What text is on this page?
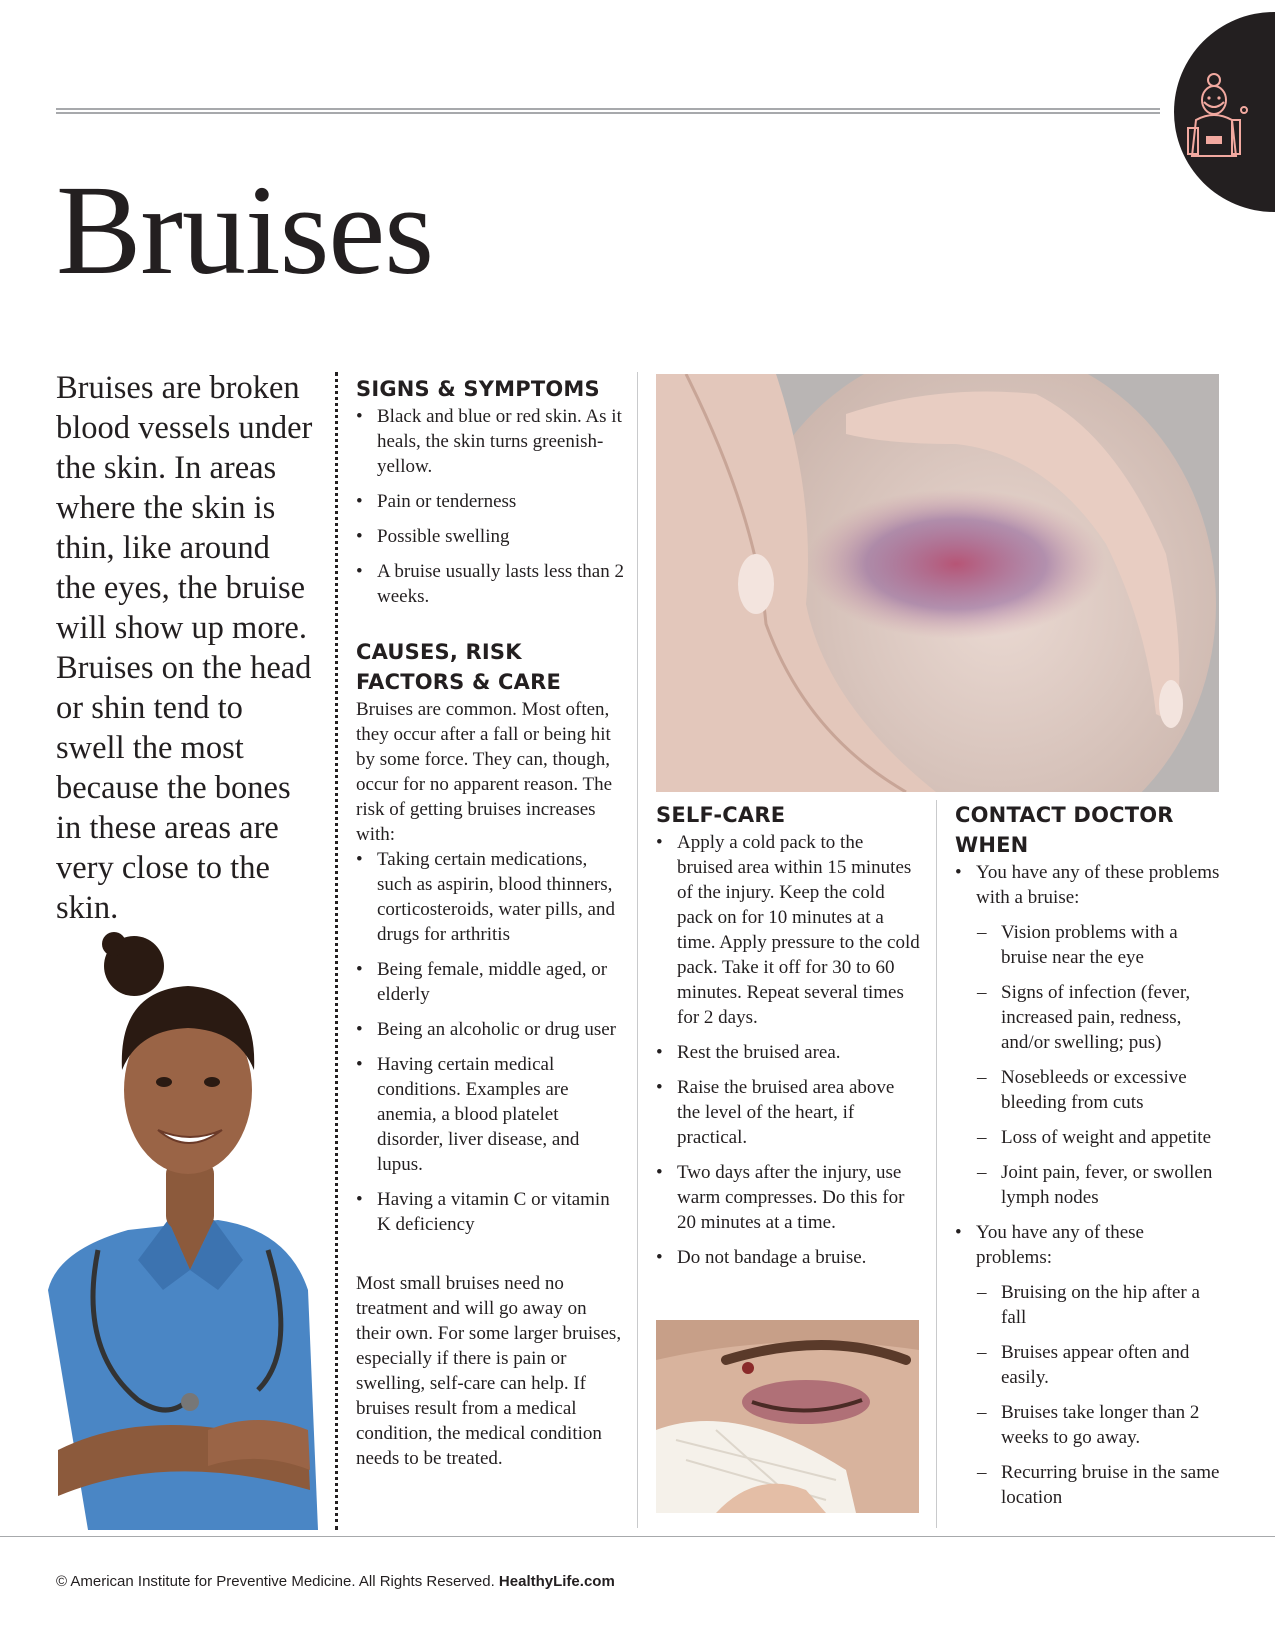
Bruises

Bruises are broken blood vessels under the skin. In areas where the skin is thin, like around the eyes, the bruise will show up more. Bruises on the head or shin tend to swell the most because the bones in these areas are very close to the skin.

SIGNS & SYMPTOMS
• Black and blue or red skin. As it heals, the skin turns greenish-yellow.
• Pain or tenderness
• Possible swelling
• A bruise usually lasts less than 2 weeks.
CAUSES, RISK FACTORS & CARE

Bruises are common. Most often, they occur after a fall or being hit by some force. They can, though, occur for no apparent reason. The risk of getting bruises increases with:

• Taking certain medications, such as aspirin, blood thinners, corticosteroids, water pills, and drugs for arthritis
• Being female, middle aged, or elderly
• Being an alcoholic or drug user
• Having certain medical conditions. Examples are anemia, a blood platelet disorder, liver disease, and lupus.
• Having a vitamin C or vitamin K deficiency

Most small bruises need no treatment and will go away on their own. For some larger bruises, especially if there is pain or swelling, self-care can help. If bruises result from a medical condition, the medical condition needs to be treated.

SELF-CARE
• Apply a cold pack to the bruised area within 15 minutes of the injury. Keep the cold pack on for 10 minutes at a time. Apply pressure to the cold pack. Take it off for 30 to 60 minutes. Repeat several times for 2 days.
• Rest the bruised area.
• Raise the bruised area above the level of the heart, if practical.
• Two days after the injury, use warm compresses. Do this for 20 minutes at a time.
• Do not bandage a bruise.
CONTACT DOCTOR WHEN
• You have any of these problems with a bruise:
– Vision problems with a bruise near the eye
– Signs of infection (fever, increased pain, redness, and/or swelling; pus)
– Nosebleeds or excessive bleeding from cuts
– Loss of weight and appetite
– Joint pain, fever, or swollen lymph nodes
• You have any of these problems:
– Bruising on the hip after a fall
– Bruises appear often and easily.
– Bruises take longer than 2 weeks to go away.
– Recurring bruise in the same location
© American Institute for Preventive Medicine. All Rights Reserved. HealthyLife.com
